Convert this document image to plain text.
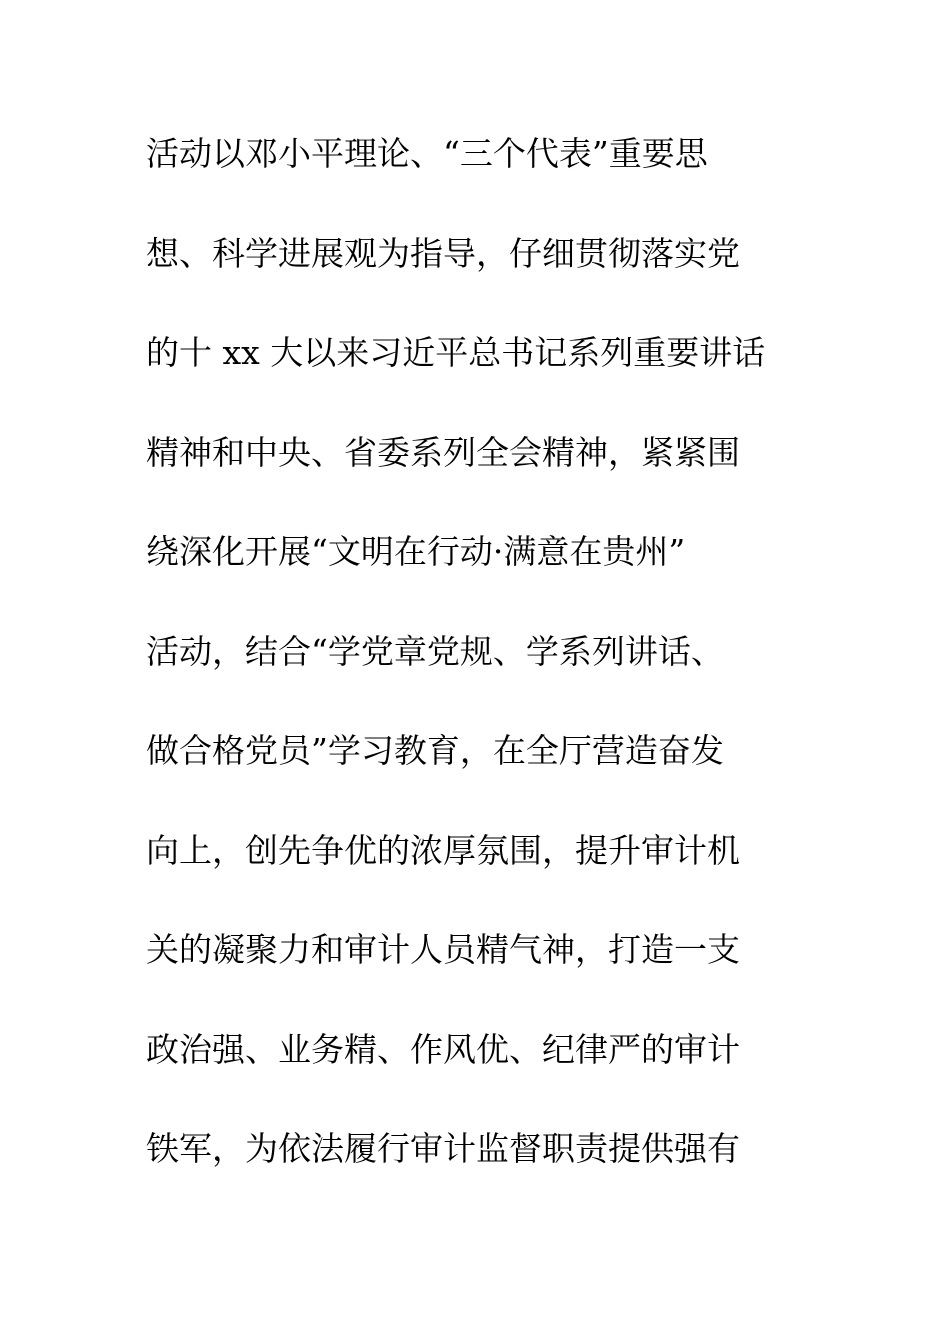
活动以邓小平理论、“三个代表”重要思
想、科学进展观为指导，仔细贯彻落实党
的十 xx 大以来习近平总书记系列重要讲话
精神和中央、省委系列全会精神，紧紧围
绕深化开展“文明在行动·满意在贵州”
活动，结合“学党章党规、学系列讲话、
做合格党员”学习教育，在全厅营造奋发
向上，创先争优的浓厚氛围，提升审计机
关的凝聚力和审计人员精气神，打造一支
政治强、业务精、作风优、纪律严的审计
铁军，为依法履行审计监督职责提供强有
